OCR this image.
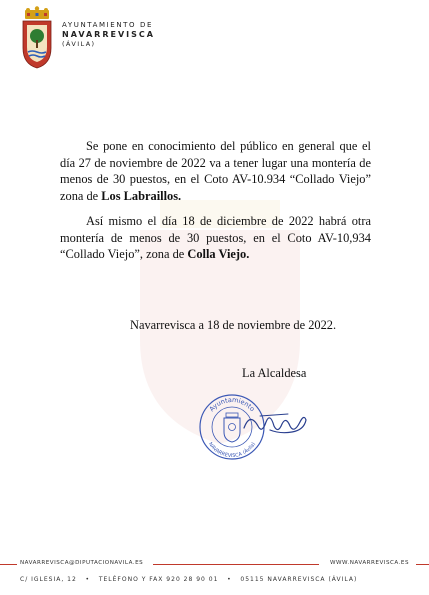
AYUNTAMIENTO DE
NAVARREVISCA
(ÁVILA)

Se pone en conocimiento del público en general que el día 27 de noviembre de 2022 va a tener lugar una montería de menos de 30 puestos, en el Coto AV-10.934 “Collado Viejo” zona de Los Labraillos.

Así mismo el día 18 de diciembre de 2022 habrá otra montería de menos de 30 puestos, en el Coto AV-10,934 “Collado Viejo”, zona de Colla Viejo.

Navarrevisca a 18 de noviembre de 2022.
La Alcaldesa
Ayuntamiento
NAVARREVISCA (Ávila)
NAVARREVISCA@DIPUTACIONAVILA.ES	WWW.NAVARREVISCA.ES
C/ IGLESIA, 12 • TELÉFONO Y FAX 920 28 90 01 • 05115 NAVARREVISCA (ÁVILA)
